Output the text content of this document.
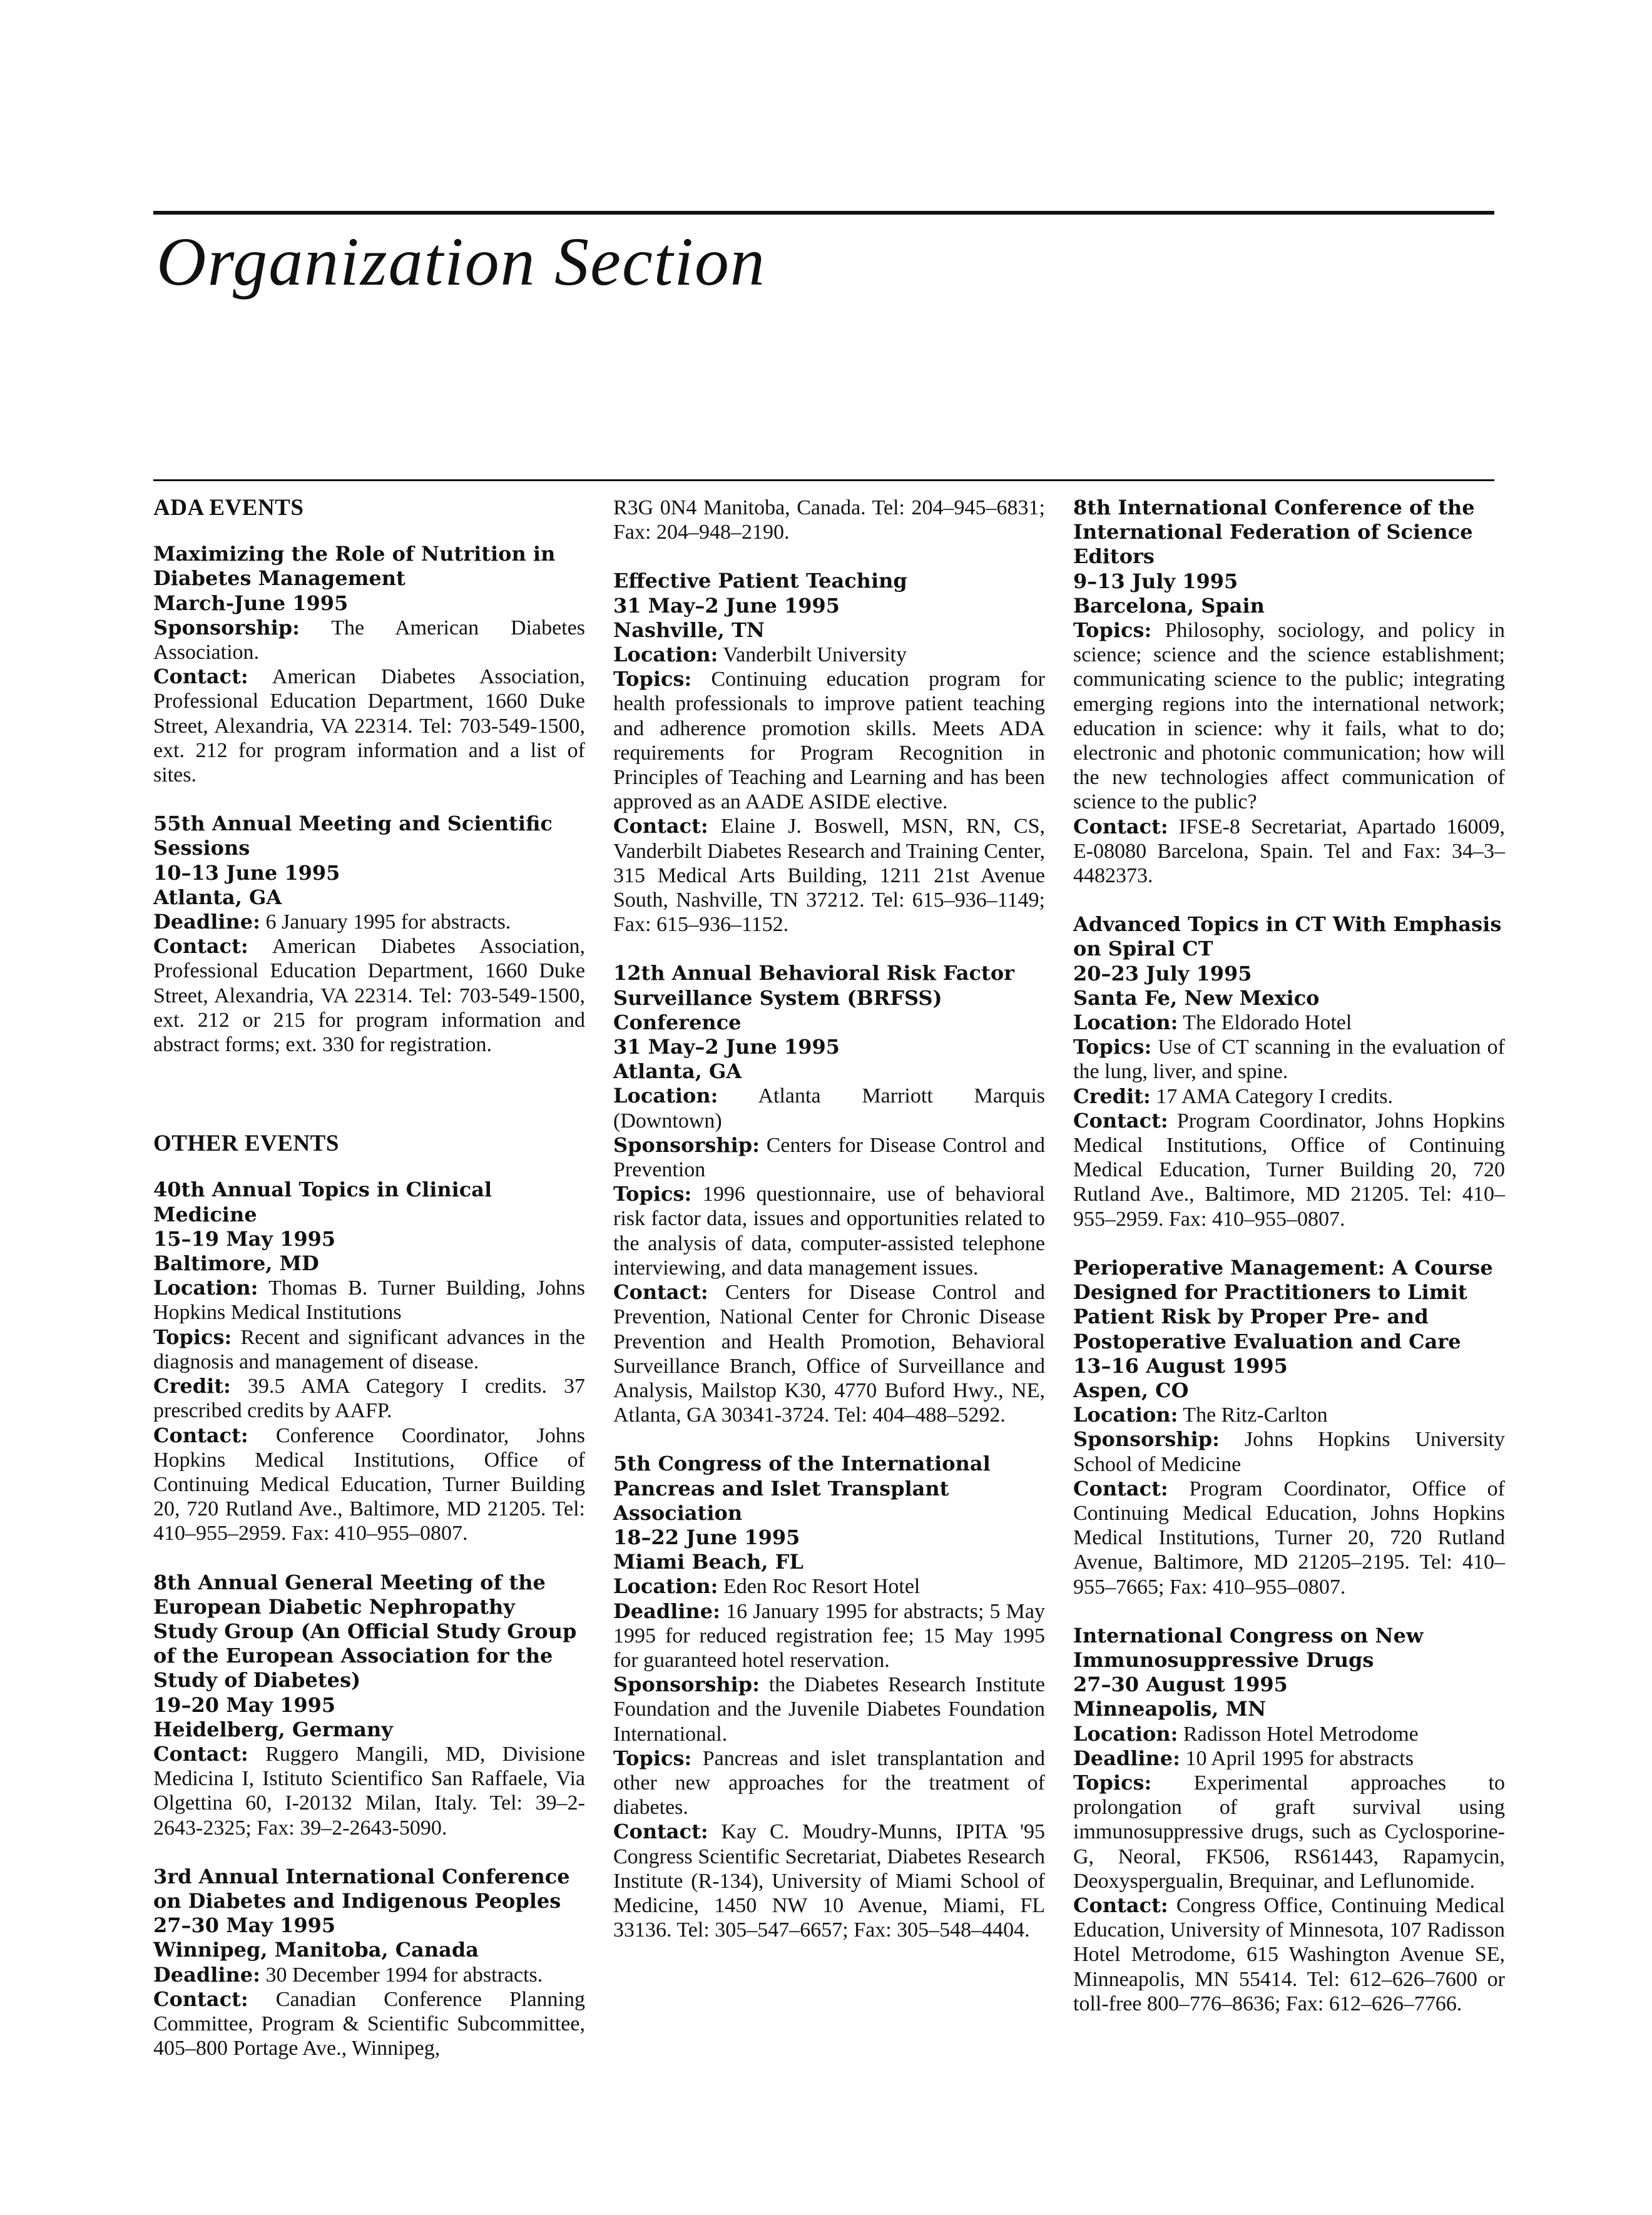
Organization Section
ADA EVENTS
Maximizing the Role of Nutrition in Diabetes Management
March-June 1995
Sponsorship: The American Diabetes Association.
Contact: American Diabetes Association, Professional Education Department, 1660 Duke Street, Alexandria, VA 22314. Tel: 703-549-1500, ext. 212 for program information and a list of sites.
55th Annual Meeting and Scientific Sessions
10–13 June 1995
Atlanta, GA
Deadline: 6 January 1995 for abstracts.
Contact: American Diabetes Association, Professional Education Department, 1660 Duke Street, Alexandria, VA 22314. Tel: 703-549-1500, ext. 212 or 215 for program information and abstract forms; ext. 330 for registration.
OTHER EVENTS
40th Annual Topics in Clinical Medicine
15–19 May 1995
Baltimore, MD
Location: Thomas B. Turner Building, Johns Hopkins Medical Institutions
Topics: Recent and significant advances in the diagnosis and management of disease.
Credit: 39.5 AMA Category I credits. 37 prescribed credits by AAFP.
Contact: Conference Coordinator, Johns Hopkins Medical Institutions, Office of Continuing Medical Education, Turner Building 20, 720 Rutland Ave., Baltimore, MD 21205. Tel: 410–955–2959. Fax: 410–955–0807.
8th Annual General Meeting of the European Diabetic Nephropathy Study Group (An Official Study Group of the European Association for the Study of Diabetes)
19–20 May 1995
Heidelberg, Germany
Contact: Ruggero Mangili, MD, Divisione Medicina I, Istituto Scientifico San Raffaele, Via Olgettina 60, I-20132 Milan, Italy. Tel: 39–2-2643-2325; Fax: 39–2-2643-5090.
3rd Annual International Conference on Diabetes and Indigenous Peoples
27–30 May 1995
Winnipeg, Manitoba, Canada
Deadline: 30 December 1994 for abstracts.
Contact: Canadian Conference Planning Committee, Program & Scientific Subcommittee, 405–800 Portage Ave., Winnipeg,
R3G 0N4 Manitoba, Canada. Tel: 204–945–6831; Fax: 204–948–2190.
Effective Patient Teaching
31 May–2 June 1995
Nashville, TN
Location: Vanderbilt University
Topics: Continuing education program for health professionals to improve patient teaching and adherence promotion skills. Meets ADA requirements for Program Recognition in Principles of Teaching and Learning and has been approved as an AADE ASIDE elective.
Contact: Elaine J. Boswell, MSN, RN, CS, Vanderbilt Diabetes Research and Training Center, 315 Medical Arts Building, 1211 21st Avenue South, Nashville, TN 37212. Tel: 615–936–1149; Fax: 615–936–1152.
12th Annual Behavioral Risk Factor Surveillance System (BRFSS) Conference
31 May–2 June 1995
Atlanta, GA
Location: Atlanta Marriott Marquis (Downtown)
Sponsorship: Centers for Disease Control and Prevention
Topics: 1996 questionnaire, use of behavioral risk factor data, issues and opportunities related to the analysis of data, computer-assisted telephone interviewing, and data management issues.
Contact: Centers for Disease Control and Prevention, National Center for Chronic Disease Prevention and Health Promotion, Behavioral Surveillance Branch, Office of Surveillance and Analysis, Mailstop K30, 4770 Buford Hwy., NE, Atlanta, GA 30341-3724. Tel: 404–488–5292.
5th Congress of the International Pancreas and Islet Transplant Association
18–22 June 1995
Miami Beach, FL
Location: Eden Roc Resort Hotel
Deadline: 16 January 1995 for abstracts; 5 May 1995 for reduced registration fee; 15 May 1995 for guaranteed hotel reservation.
Sponsorship: the Diabetes Research Institute Foundation and the Juvenile Diabetes Foundation International.
Topics: Pancreas and islet transplantation and other new approaches for the treatment of diabetes.
Contact: Kay C. Moudry-Munns, IPITA '95 Congress Scientific Secretariat, Diabetes Research Institute (R-134), University of Miami School of Medicine, 1450 NW 10 Avenue, Miami, FL 33136. Tel: 305–547–6657; Fax: 305–548–4404.
8th International Conference of the International Federation of Science Editors
9–13 July 1995
Barcelona, Spain
Topics: Philosophy, sociology, and policy in science; science and the science establishment; communicating science to the public; integrating emerging regions into the international network; education in science: why it fails, what to do; electronic and photonic communication; how will the new technologies affect communication of science to the public?
Contact: IFSE-8 Secretariat, Apartado 16009, E-08080 Barcelona, Spain. Tel and Fax: 34–3–4482373.
Advanced Topics in CT With Emphasis on Spiral CT
20–23 July 1995
Santa Fe, New Mexico
Location: The Eldorado Hotel
Topics: Use of CT scanning in the evaluation of the lung, liver, and spine.
Credit: 17 AMA Category I credits.
Contact: Program Coordinator, Johns Hopkins Medical Institutions, Office of Continuing Medical Education, Turner Building 20, 720 Rutland Ave., Baltimore, MD 21205. Tel: 410–955–2959. Fax: 410–955–0807.
Perioperative Management: A Course Designed for Practitioners to Limit Patient Risk by Proper Pre- and Postoperative Evaluation and Care
13–16 August 1995
Aspen, CO
Location: The Ritz-Carlton
Sponsorship: Johns Hopkins University School of Medicine
Contact: Program Coordinator, Office of Continuing Medical Education, Johns Hopkins Medical Institutions, Turner 20, 720 Rutland Avenue, Baltimore, MD 21205–2195. Tel: 410–955–7665; Fax: 410–955–0807.
International Congress on New Immunosuppressive Drugs
27–30 August 1995
Minneapolis, MN
Location: Radisson Hotel Metrodome
Deadline: 10 April 1995 for abstracts
Topics: Experimental approaches to prolongation of graft survival using immunosuppressive drugs, such as Cyclosporine-G, Neoral, FK506, RS61443, Rapamycin, Deoxyspergualin, Brequinar, and Leflunomide.
Contact: Congress Office, Continuing Medical Education, University of Minnesota, 107 Radisson Hotel Metrodome, 615 Washington Avenue SE, Minneapolis, MN 55414. Tel: 612–626–7600 or toll-free 800–776–8636; Fax: 612–626–7766.
